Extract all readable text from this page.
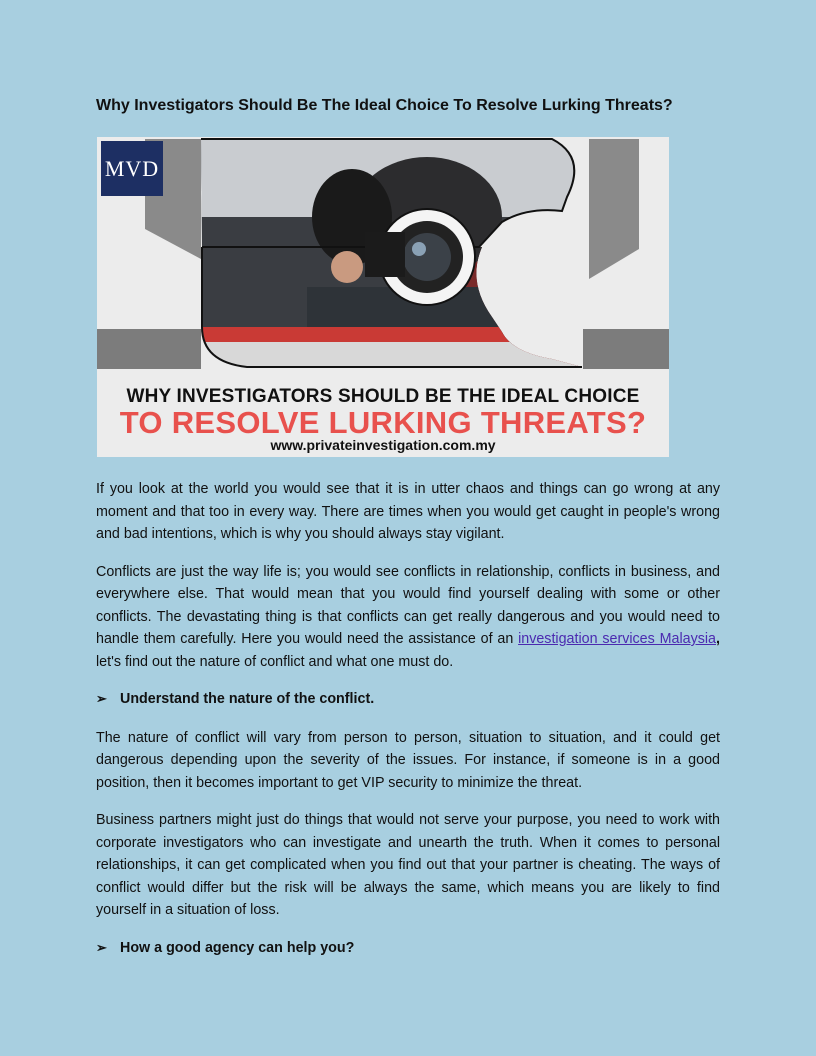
Why Investigators Should Be The Ideal Choice To Resolve Lurking Threats?
MVD
WHY INVESTIGATORS SHOULD BE THE IDEAL CHOICE
TO RESOLVE LURKING THREATS?
www.privateinvestigation.com.my

If you look at the world you would see that it is in utter chaos and things can go wrong at any moment and that too in every way. There are times when you would get caught in people's wrong and bad intentions, which is why you should always stay vigilant.

Conflicts are just the way life is; you would see conflicts in relationship, conflicts in business, and everywhere else. That would mean that you would find yourself dealing with some or other conflicts. The devastating thing is that conflicts can get really dangerous and you would need to handle them carefully. Here you would need the assistance of an investigation services Malaysia, let's find out the nature of conflict and what one must do.

➢ Understand the nature of the conflict.

The nature of conflict will vary from person to person, situation to situation, and it could get dangerous depending upon the severity of the issues. For instance, if someone is in a good position, then it becomes important to get VIP security to minimize the threat.

Business partners might just do things that would not serve your purpose, you need to work with corporate investigators who can investigate and unearth the truth. When it comes to personal relationships, it can get complicated when you find out that your partner is cheating. The ways of conflict would differ but the risk will be always the same, which means you are likely to find yourself in a situation of loss.

➢ How a good agency can help you?
